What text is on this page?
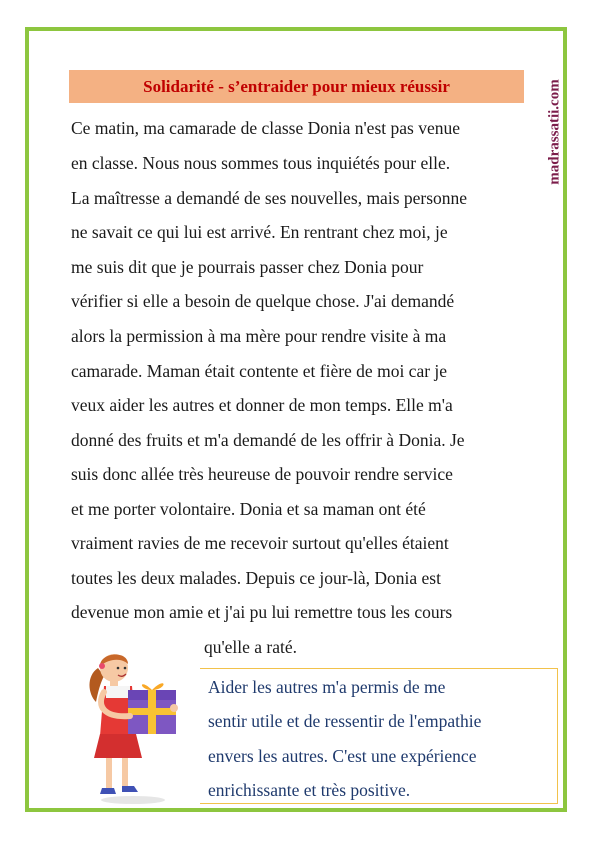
Solidarité - s’entraider pour mieux réussir	madrassatii.com
Ce matin, ma camarade de classe Donia n'est pas venue
en classe. Nous nous sommes tous inquiétés pour elle.
La maîtresse a demandé de ses nouvelles, mais personne
ne savait ce qui lui est arrivé. En rentrant chez moi, je
me suis dit que je pourrais passer chez Donia pour
vérifier si elle a besoin de quelque chose. J'ai demandé
alors la permission à ma mère pour rendre visite à ma
camarade. Maman était contente et fière de moi car je
veux aider les autres et donner de mon temps. Elle m'a
donné des fruits et m'a demandé de les offrir à Donia. Je
suis donc allée très heureuse de pouvoir rendre service
et me porter volontaire. Donia et sa maman ont été
vraiment ravies de me recevoir surtout qu'elles étaient
toutes les deux malades. Depuis ce jour-là, Donia est
devenue mon amie et j'ai pu lui remettre tous les cours
qu'elle a raté.
Aider les autres m'a permis de me
sentir utile et de ressentir de l'empathie
envers les autres. C'est une expérience
enrichissante et très positive.
